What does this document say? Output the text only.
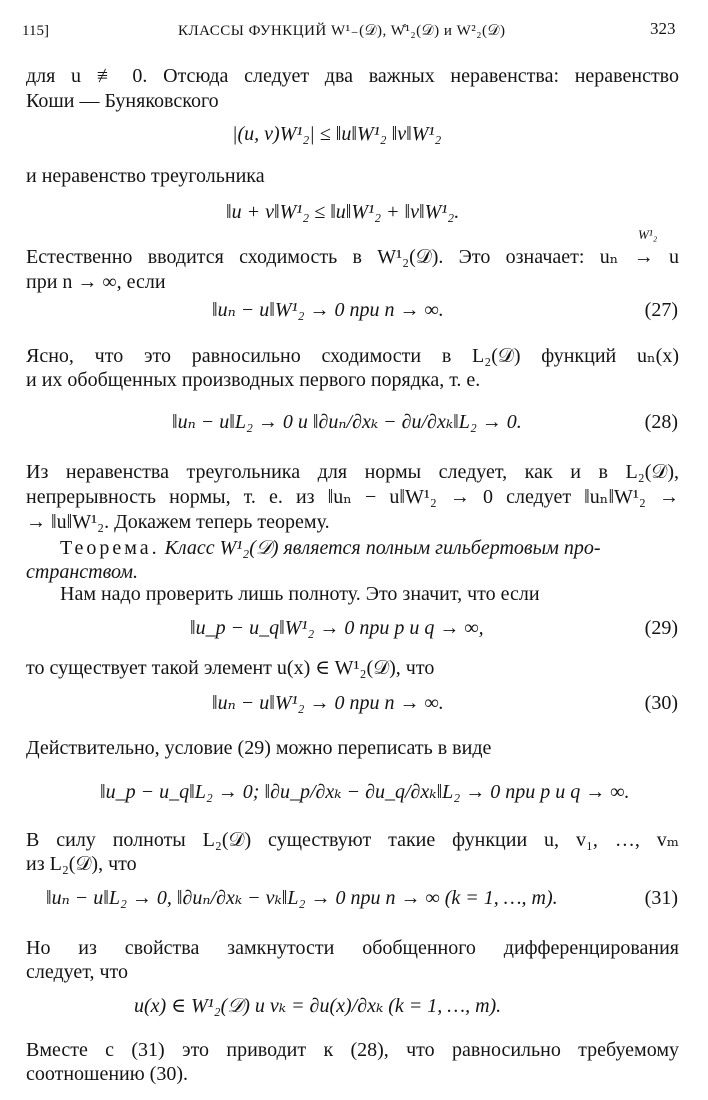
115]	КЛАССЫ ФУНКЦИЙ W¹₋(𝒟), W̊¹₂(𝒟) и W²₂(𝒟)	323
для u ≢ 0. Отсюда следует два важных неравенства: неравенство
Коши — Буняковского
|(u, v)W¹₂| ≤ ‖u‖W¹₂ ‖v‖W¹₂
и неравенство треугольника
‖u + v‖W¹₂ ≤ ‖u‖W¹₂ + ‖v‖W¹₂.
W¹₂
Естественно вводится сходимость в W¹₂(𝒟). Это означает: uₙ → u
при n → ∞, если
‖uₙ − u‖W¹₂ → 0 при n → ∞.	(27)
Ясно, что это равносильно сходимости в L₂(𝒟) функций uₙ(x)
и их обобщенных производных первого порядка, т. е.
‖uₙ − u‖L₂ → 0 и ‖∂uₙ/∂xₖ − ∂u/∂xₖ‖L₂ → 0.	(28)
Из неравенства треугольника для нормы следует, как и в L₂(𝒟),
непрерывность нормы, т. е. из ‖uₙ − u‖W¹₂ → 0 следует ‖uₙ‖W¹₂ →
→ ‖u‖W¹₂. Докажем теперь теорему.
Теорема. Класс W¹₂(𝒟) является полным гильбертовым про-
странством.
Нам надо проверить лишь полноту. Это значит, что если
‖u_p − u_q‖W¹₂ → 0 при p и q → ∞,	(29)
то существует такой элемент u(x) ∈ W¹₂(𝒟), что
‖uₙ − u‖W¹₂ → 0 при n → ∞.	(30)
Действительно, условие (29) можно переписать в виде
‖u_p − u_q‖L₂ → 0; ‖∂u_p/∂xₖ − ∂u_q/∂xₖ‖L₂ → 0 при p и q → ∞.
В силу полноты L₂(𝒟) существуют такие функции u, v₁, …, vₘ
из L₂(𝒟), что
‖uₙ − u‖L₂ → 0, ‖∂uₙ/∂xₖ − vₖ‖L₂ → 0 при n → ∞ (k = 1, …, m).	(31)
Но из свойства замкнутости обобщенного дифференцирования
следует, что
u(x) ∈ W¹₂(𝒟) и vₖ = ∂u(x)/∂xₖ (k = 1, …, m).
Вместе с (31) это приводит к (28), что равносильно требуемому
соотношению (30).
